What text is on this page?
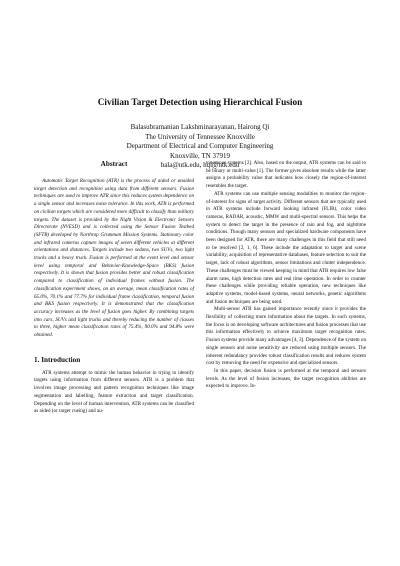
Civilian Target Detection using Hierarchical Fusion
Balasubramanian Lakshminarayanan, Hairong Qi
The University of Tennessee Knoxville
Department of Electrical and Computer Engineering
Knoxville, TN 37919
bala@utk.edu, hqi@utk.edu
Abstract

Automatic Target Recognition (ATR) is the process of aided or unaided target detection and recognition using data from different sensors. Fusion techniques are used to improve ATR since this reduces system dependence on a single sensor and increases noise tolerance. In this work, ATR is performed on civilian targets which are considered more difficult to classify than military targets. The dataset is provided by the Night Vision & Electronic Sensors Directorate (NVESD) and is collected using the Sensor Fusion Testbed (SFTB) developed by Northrop Grumman Mission Systems. Stationary color and infrared cameras capture images of seven different vehicles at different orientations and distances. Targets include two sedans, two SUVs, two light trucks and a heavy truck. Fusion is performed at the event level and sensor level using temporal and Behavior-Knowledge-Space (BKS) fusion respectively. It is shown that fusion provides better and robust classification compared to classification of individual frames without fusion. The classification experiment shows, on an average, mean classification rates of 65.0%, 70.1% and 77.7% for individual frame classification, temporal fusion and BKS fusion respectively. It is demonstrated that the classification accuracy increases as the level of fusion goes higher. By combining targets into cars, SUVs and light trucks and thereby reducing the number of classes to three, higher mean classification rates of 75.4%, 90.0% and 94.8% were obtained.

1. Introduction

ATR systems attempt to mimic the human behavior in trying to identify targets using information from different sensors. ATR is a problem that involves image processing and pattern recognition techniques like image segmentation and labelling, feature extraction and target classification. Depending on the level of human intervention, ATR systems can be classified as aided (or target cueing) and au-

tonomous systems [2]. Also, based on the output, ATR systems can be said to be binary or multi-value [1]. The former gives absolute results while the latter assigns a probability value that indicates how closely the region-of-interest resembles the target.

ATR systems can use multiple sensing modalities to monitor the region-of-interest for signs of target activity. Different sensors that are typically used in ATR systems include forward looking infrared (FLIR), color video cameras, RADAR, acoustic, MMW and multi-spectral sensors. This helps the system to detect the target in the presence of rain and fog, and nighttime conditions. Though many sensors and specialized hardware components have been designed for ATR, there are many challenges in this field that still need to be resolved [2, 1, 6]. These include the adaptation to target and scene variability, acquisition of representative databases, feature selection to suit the target, lack of robust algorithms, sensor limitations and clutter independence. These challenges must be viewed keeping in mind that ATR requires low false alarm rates, high detection rates and real time operation. In order to counter these challenges while providing reliable operation, new techniques like adaptive systems, model-based systems, neural networks, genetic algorithms and fusion techniques are being used.

Multi-sensor ATR has gained importance recently since it provides the flexibility of collecting more information about the targets. In such systems, the focus is on developing software architectures and fusion processes that use this information effectively to achieve maximum target recognition rates. Fusion systems provide many advantages [4, 3]. Dependence of the system on single sensors and noise sensitivity are reduced using multiple sensors. The inherent redundancy provides robust classification results and reduces system cost by removing the need for expensive and specialized sensors.

In this paper, decision fusion is performed at the temporal and sensors levels. As the level of fusion increases, the target recognition abilities are expected to improve. In-
